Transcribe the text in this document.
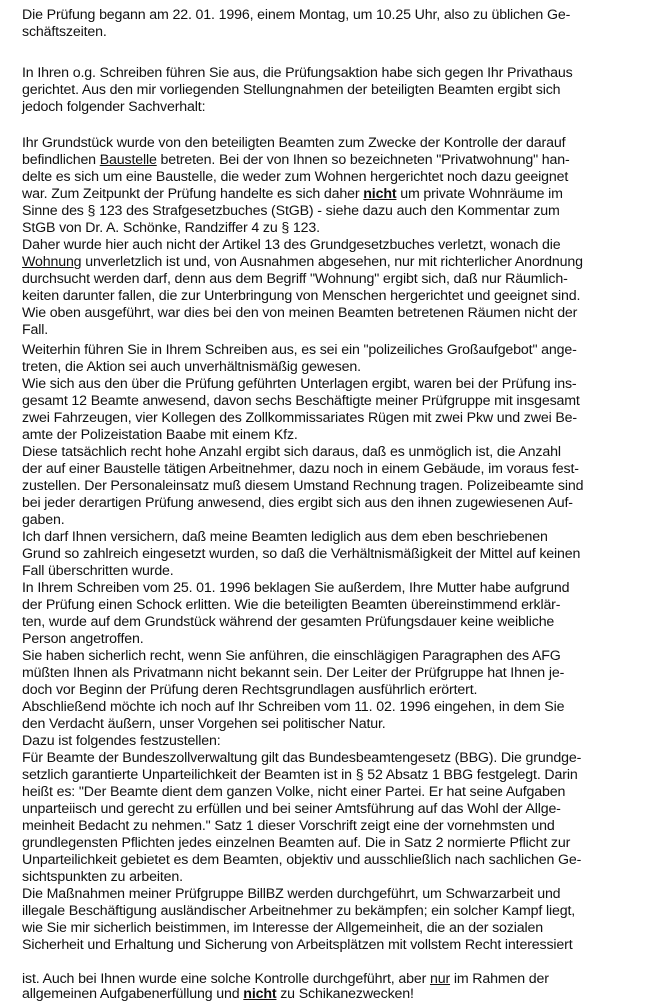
Die Prüfung begann am 22. 01. 1996, einem Montag, um 10.25 Uhr, also zu üblichen Ge-

schäftszeiten.

In Ihren o.g. Schreiben führen Sie aus, die Prüfungsaktion habe sich gegen Ihr Privathaus

gerichtet. Aus den mir vorliegenden Stellungnahmen der beteiligten Beamten ergibt sich

jedoch folgender Sachverhalt:

Ihr Grundstück wurde von den beteiligten Beamten zum Zwecke der Kontrolle der darauf

befindlichen Baustelle betreten. Bei der von Ihnen so bezeichneten "Privatwohnung" han-

delte es sich um eine Baustelle, die weder zum Wohnen hergerichtet noch dazu geeignet

war. Zum Zeitpunkt der Prüfung handelte es sich daher nicht um private Wohnräume im

Sinne des § 123 des Strafgesetzbuches (StGB) - siehe dazu auch den Kommentar zum

StGB von Dr. A. Schönke, Randziffer 4 zu § 123.

Daher wurde hier auch nicht der Artikel 13 des Grundgesetzbuches verletzt, wonach die

Wohnung unverletzlich ist und, von Ausnahmen abgesehen, nur mit richterlicher Anordnung

durchsucht werden darf, denn aus dem Begriff "Wohnung" ergibt sich, daß nur Räumlich-

keiten darunter fallen, die zur Unterbringung von Menschen hergerichtet und geeignet sind.

Wie oben ausgeführt, war dies bei den von meinen Beamten betretenen Räumen nicht der

Fall.

Weiterhin führen Sie in Ihrem Schreiben aus, es sei ein "polizeiliches Großaufgebot" ange-

treten, die Aktion sei auch unverhältnismäßig gewesen.

Wie sich aus den über die Prüfung geführten Unterlagen ergibt, waren bei der Prüfung ins-

gesamt 12 Beamte anwesend, davon sechs Beschäftigte meiner Prüfgruppe mit insgesamt

zwei Fahrzeugen, vier Kollegen des Zollkommissariates Rügen mit zwei Pkw und zwei Be-

amte der Polizeistation Baabe mit einem Kfz.

Diese tatsächlich recht hohe Anzahl ergibt sich daraus, daß es unmöglich ist, die Anzahl

der auf einer Baustelle tätigen Arbeitnehmer, dazu noch in einem Gebäude, im voraus fest-

zustellen. Der Personaleinsatz muß diesem Umstand Rechnung tragen. Polizeibeamte sind

bei jeder derartigen Prüfung anwesend, dies ergibt sich aus den ihnen zugewiesenen Auf-

gaben.

Ich darf Ihnen versichern, daß meine Beamten lediglich aus dem eben beschriebenen

Grund so zahlreich eingesetzt wurden, so daß die Verhältnismäßigkeit der Mittel auf keinen

Fall überschritten wurde.

In Ihrem Schreiben vom 25. 01. 1996 beklagen Sie außerdem, Ihre Mutter habe aufgrund

der Prüfung einen Schock erlitten. Wie die beteiligten Beamten übereinstimmend erklär-

ten, wurde auf dem Grundstück während der gesamten Prüfungsdauer keine weibliche

Person angetroffen.

Sie haben sicherlich recht, wenn Sie anführen, die einschlägigen Paragraphen des AFG

müßten Ihnen als Privatmann nicht bekannt sein. Der Leiter der Prüfgruppe hat Ihnen je-

doch vor Beginn der Prüfung deren Rechtsgrundlagen ausführlich erörtert.

Abschließend möchte ich noch auf Ihr Schreiben vom 11. 02. 1996 eingehen, in dem Sie

den Verdacht äußern, unser Vorgehen sei politischer Natur.

Dazu ist folgendes festzustellen:

Für Beamte der Bundeszollverwaltung gilt das Bundesbeamtengesetz (BBG). Die grundge-

setzlich garantierte Unparteilichkeit der Beamten ist in § 52 Absatz 1 BBG festgelegt. Darin

heißt es: "Der Beamte dient dem ganzen Volke, nicht einer Partei. Er hat seine Aufgaben

unparteiisch und gerecht zu erfüllen und bei seiner Amtsführung auf das Wohl der Allge-

meinheit Bedacht zu nehmen." Satz 1 dieser Vorschrift zeigt eine der vornehmsten und

grundlegensten Pflichten jedes einzelnen Beamten auf. Die in Satz 2 normierte Pflicht zur

Unparteilichkeit gebietet es dem Beamten, objektiv und ausschließlich nach sachlichen Ge-

sichtspunkten zu arbeiten.

Die Maßnahmen meiner Prüfgruppe BillBZ werden durchgeführt, um Schwarzarbeit und

illegale Beschäftigung ausländischer Arbeitnehmer zu bekämpfen; ein solcher Kampf liegt,

wie Sie mir sicherlich beistimmen, im Interesse der Allgemeinheit, die an der sozialen

Sicherheit und Erhaltung und Sicherung von Arbeitsplätzen mit vollstem Recht interessiert

ist. Auch bei Ihnen wurde eine solche Kontrolle durchgeführt, aber nur im Rahmen der

allgemeinen Aufgabenerfüllung und nicht zu Schikanezwecken!
